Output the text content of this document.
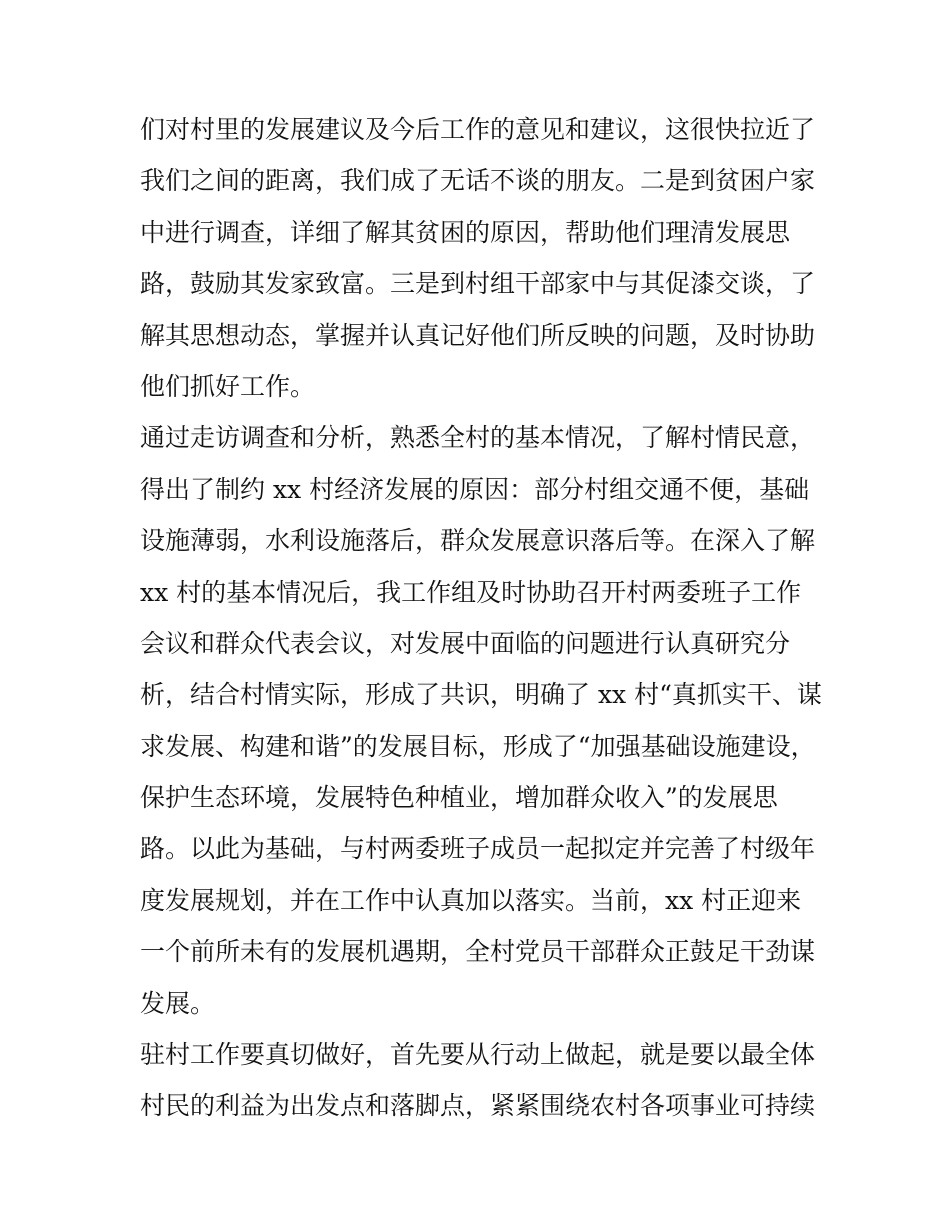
们对村里的发展建议及今后工作的意见和建议，这很快拉近了
我们之间的距离，我们成了无话不谈的朋友。二是到贫困户家
中进行调查，详细了解其贫困的原因，帮助他们理清发展思
路，鼓励其发家致富。三是到村组干部家中与其促漆交谈，了
解其思想动态，掌握并认真记好他们所反映的问题，及时协助
他们抓好工作。
通过走访调查和分析，熟悉全村的基本情况，了解村情民意，
得出了制约 xx 村经济发展的原因：部分村组交通不便，基础
设施薄弱，水利设施落后，群众发展意识落后等。在深入了解
xx 村的基本情况后，我工作组及时协助召开村两委班子工作
会议和群众代表会议，对发展中面临的问题进行认真研究分
析，结合村情实际，形成了共识，明确了 xx 村“真抓实干、谋
求发展、构建和谐”的发展目标，形成了“加强基础设施建设，
保护生态环境，发展特色种植业，增加群众收入”的发展思
路。以此为基础，与村两委班子成员一起拟定并完善了村级年
度发展规划，并在工作中认真加以落实。当前，xx 村正迎来
一个前所未有的发展机遇期，全村党员干部群众正鼓足干劲谋
发展。
驻村工作要真切做好，首先要从行动上做起，就是要以最全体
村民的利益为出发点和落脚点，紧紧围绕农村各项事业可持续
